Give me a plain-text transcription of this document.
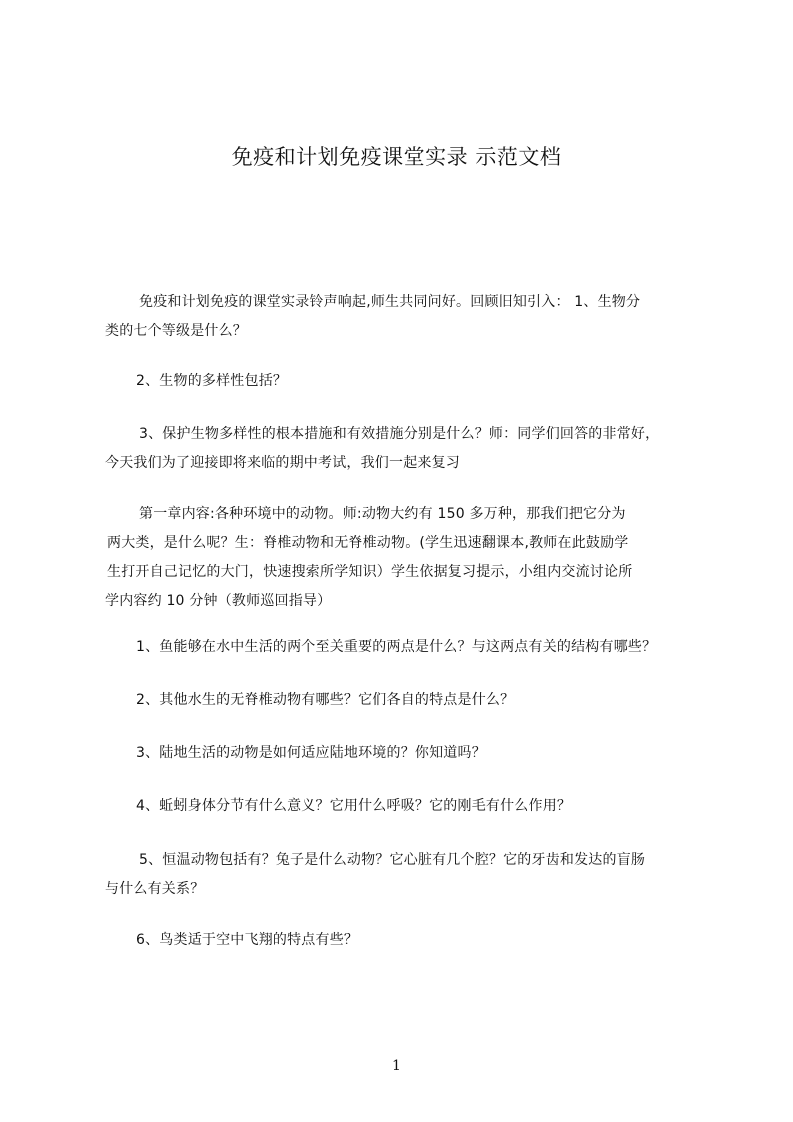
免疫和计划免疫课堂实录 示范文档
免疫和计划免疫的课堂实录铃声响起,师生共同问好。回顾旧知引入： 1、生物分
类的七个等级是什么？
2、生物的多样性包括？
3、保护生物多样性的根本措施和有效措施分别是什么？师：同学们回答的非常好，
今天我们为了迎接即将来临的期中考试，我们一起来复习
第一章内容:各种环境中的动物。师:动物大约有 150 多万种，那我们把它分为
两大类，是什么呢？生：脊椎动物和无脊椎动物。(学生迅速翻课本,教师在此鼓励学
生打开自己记忆的大门，快速搜索所学知识）学生依据复习提示，小组内交流讨论所
学内容约 10 分钟（教师巡回指导）
1、鱼能够在水中生活的两个至关重要的两点是什么？与这两点有关的结构有哪些？
2、其他水生的无脊椎动物有哪些？它们各自的特点是什么？
3、陆地生活的动物是如何适应陆地环境的？你知道吗？
4、蚯蚓身体分节有什么意义？它用什么呼吸？它的刚毛有什么作用？
5、恒温动物包括有？兔子是什么动物？它心脏有几个腔？它的牙齿和发达的盲肠
与什么有关系？
6、鸟类适于空中飞翔的特点有些？
1
